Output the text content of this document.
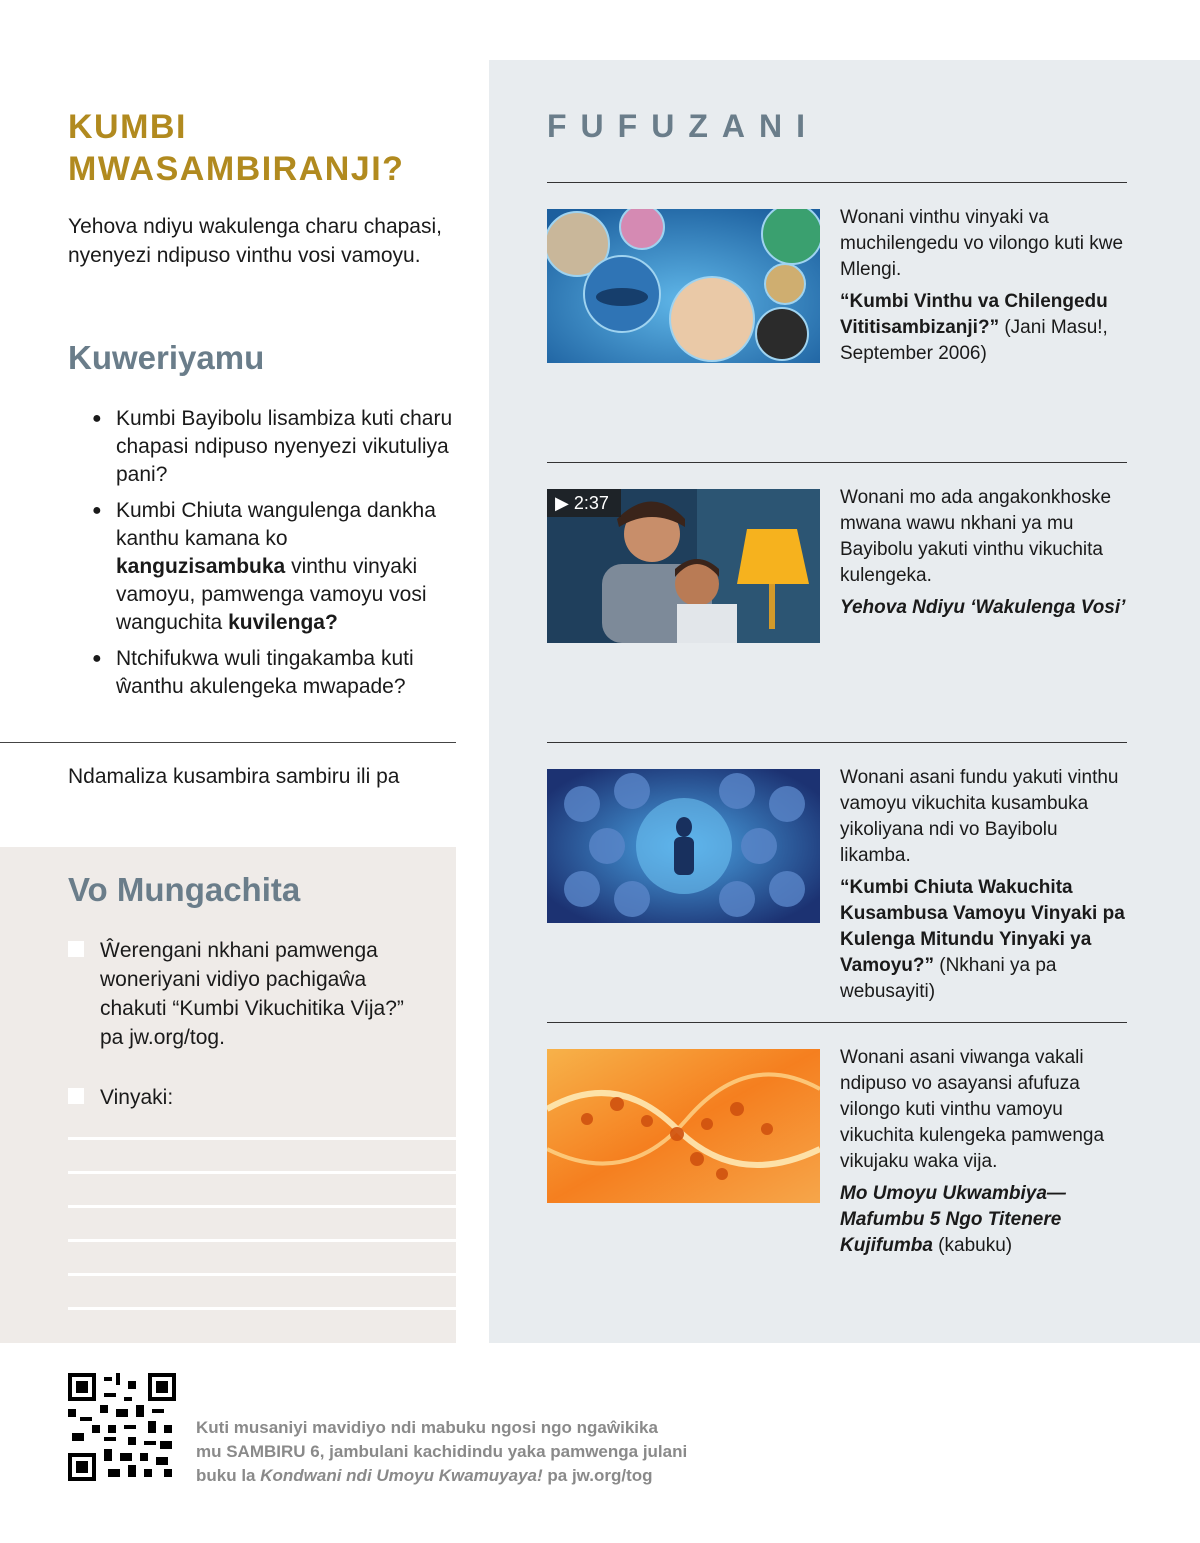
KUMBI MWASAMBIRANJI?
Yehova ndiyu wakulenga charu chapasi, nyenyezi ndipuso vinthu vosi vamoyu.
Kuweriyamu
● Kumbi Bayibolu lisambiza kuti charu chapasi ndipuso nyenyezi vikutuliya pani?
● Kumbi Chiuta wangulenga dankha kanthu kamana ko kanguzisambuka vinthu vinyaki vamoyu, pamwenga vamoyu vosi wanguchita kuvilenga?
● Ntchifukwa wuli tingakamba kuti ŵanthu akulengeka mwapade?
Ndamaliza kusambira sambiru ili pa
Vo Mungachita
Ŵerengani nkhani pamwenga woneriyani vidiyo pachigaŵa chakuti “Kumbi Vikuchitika Vija?” pa jw.org/tog.
Vinyaki:
FUFUZANI

Wonani vinthu vinyaki va muchilengedu vo vilongo kuti kwe Mlengi.

“Kumbi Vinthu va Chilengedu Vititisambizanji?” (Jani Masu!, September 2006)

▶ 2:37	Wonani mo ada angakonkhoske mwana wawu nkhani ya mu Bayibolu yakuti vinthu vikuchita kulengeka.

Yehova Ndiyu ‘Wakulenga Vosi’

Wonani asani fundu yakuti vinthu vamoyu vikuchita kusambuka yikoliyana ndi vo Bayibolu likamba.

“Kumbi Chiuta Wakuchita Kusambusa Vamoyu Vinyaki pa Kulenga Mitundu Yinyaki ya Vamoyu?” (Nkhani ya pa webusayiti)

Wonani asani viwanga vakali ndipuso vo asayansi afufuza vilongo kuti vinthu vamoyu vikuchita kulengeka pamwenga vikujaku waka vija.

Mo Umoyu Ukwambiya—Mafumbu 5 Ngo Titenere Kujifumba (kabuku)

Kuti musaniyi mavidiyo ndi mabuku ngosi ngo ngaŵikika
mu SAMBIRU 6, jambulani kachidindu yaka pamwenga julani
buku la Kondwani ndi Umoyu Kwamuyaya! pa jw.org/tog
